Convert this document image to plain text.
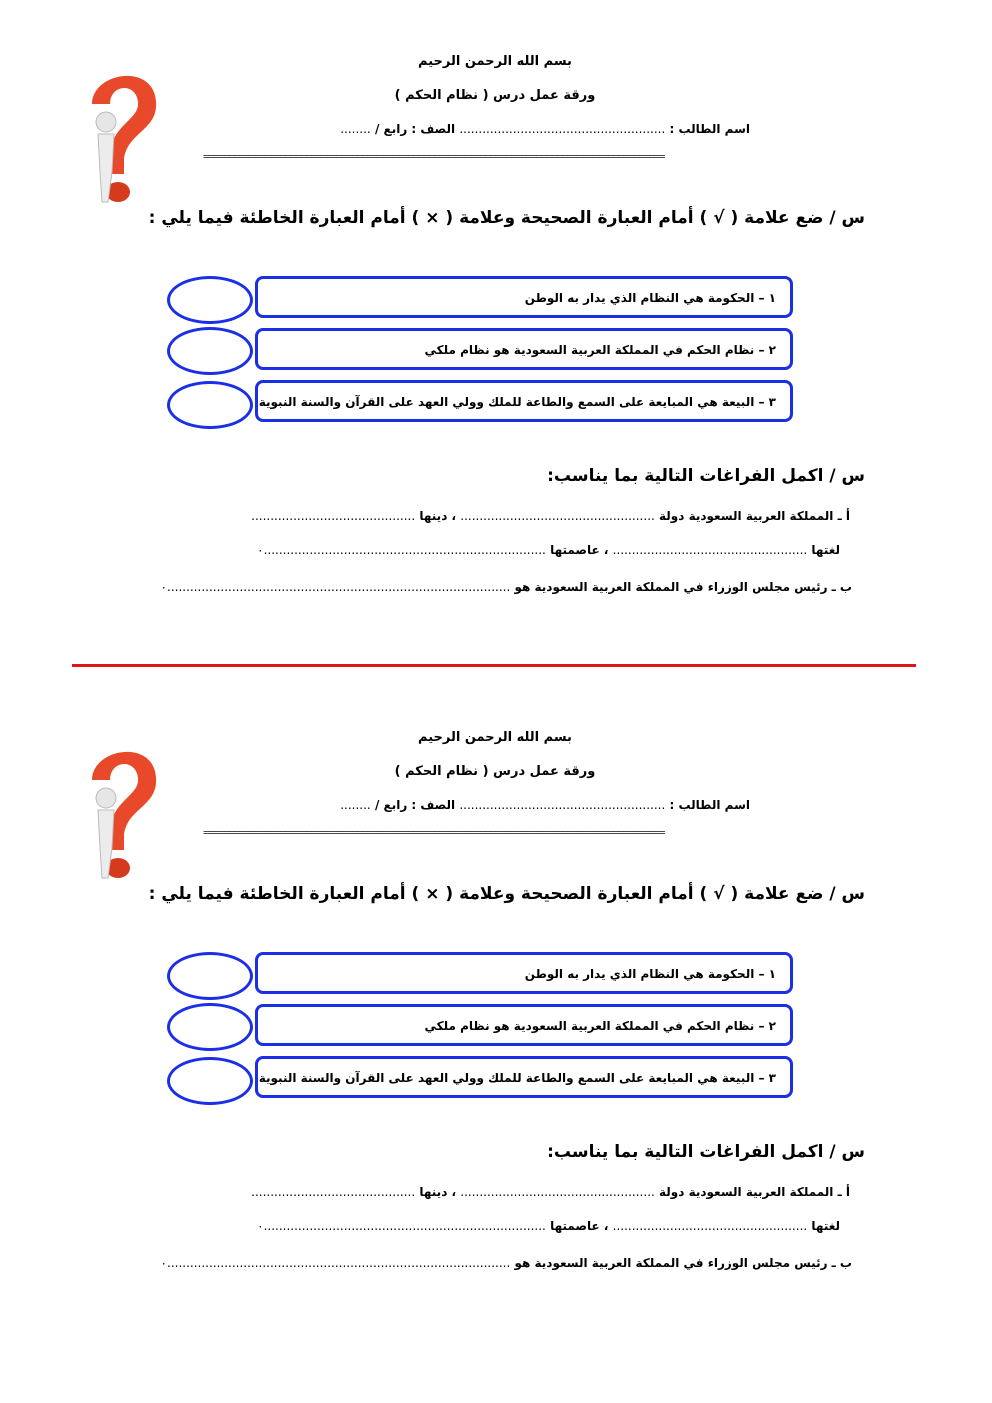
بسم الله الرحمن الرحيم
ورقة عمل درس ( نظام الحكم )
اسم الطالب : ...................................................... الصف : رابع / ........
==========================================================================================
س / ضع علامة ( √ ) أمام العبارة الصحيحة وعلامة ( × ) أمام العبارة الخاطئة فيما يلي :
١ – الحكومة هي النظام الذي يدار به الوطن
٢ – نظام الحكم في المملكة العربية السعودية هو نظام ملكي
٣ – البيعة هي المبايعة على السمع والطاعة للملك وولي العهد على القرآن والسنة النبوية
س / اكمل الفراغات التالية بما يناسب:
أ ـ المملكة العربية السعودية دولة ................................................... ، دينها ...........................................
لغتها ................................................... ، عاصمتها ..........................................................................٠
ب ـ رئيس مجلس الوزراء في المملكة العربية السعودية هو ..........................................................................................٠
بسم الله الرحمن الرحيم
ورقة عمل درس ( نظام الحكم )
اسم الطالب : ...................................................... الصف : رابع / ........
==========================================================================================
س / ضع علامة ( √ ) أمام العبارة الصحيحة وعلامة ( × ) أمام العبارة الخاطئة فيما يلي :
١ – الحكومة هي النظام الذي يدار به الوطن
٢ – نظام الحكم في المملكة العربية السعودية هو نظام ملكي
٣ – البيعة هي المبايعة على السمع والطاعة للملك وولي العهد على القرآن والسنة النبوية
س / اكمل الفراغات التالية بما يناسب:
أ ـ المملكة العربية السعودية دولة ................................................... ، دينها ...........................................
لغتها ................................................... ، عاصمتها ..........................................................................٠
ب ـ رئيس مجلس الوزراء في المملكة العربية السعودية هو ..........................................................................................٠
